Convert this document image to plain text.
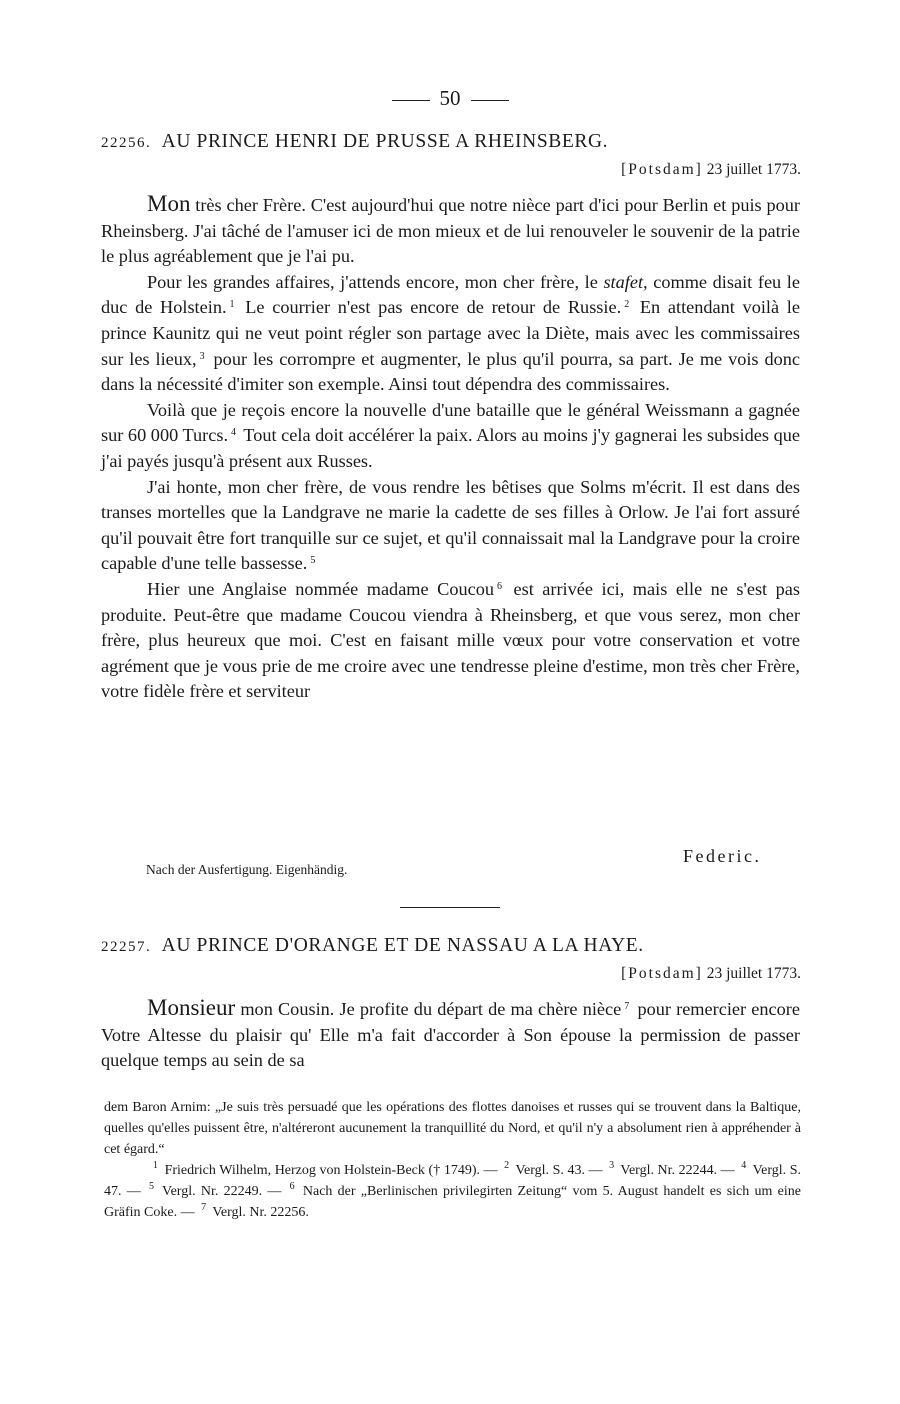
50
22256. AU PRINCE HENRI DE PRUSSE A RHEINSBERG.
[Potsdam] 23 juillet 1773.

Mon très cher Frère. C'est aujourd'hui que notre nièce part d'ici pour Berlin et puis pour Rheinsberg. J'ai tâché de l'amuser ici de mon mieux et de lui renouveler le souvenir de la patrie le plus agréablement que je l'ai pu.

Pour les grandes affaires, j'attends encore, mon cher frère, le stafet, comme disait feu le duc de Holstein. $^1$ Le courrier n'est pas encore de retour de Russie. $^2$ En attendant voilà le prince Kaunitz qui ne veut point régler son partage avec la Diète, mais avec les commissaires sur les lieux, $^3$ pour les corrompre et augmenter, le plus qu'il pourra, sa part. Je me vois donc dans la nécessité d'imiter son exemple. Ainsi tout dépendra des commissaires.

Voilà que je reçois encore la nouvelle d'une bataille que le général Weissmann a gagnée sur 60 000 Turcs. $^4$ Tout cela doit accélérer la paix. Alors au moins j'y gagnerai les subsides que j'ai payés jusqu'à présent aux Russes.

J'ai honte, mon cher frère, de vous rendre les bêtises que Solms m'écrit. Il est dans des transes mortelles que la Landgrave ne marie la cadette de ses filles à Orlow. Je l'ai fort assuré qu'il pouvait être fort tranquille sur ce sujet, et qu'il connaissait mal la Landgrave pour la croire capable d'une telle bassesse. $^5$

Hier une Anglaise nommée madame Coucou $^6$ est arrivée ici, mais elle ne s'est pas produite. Peut-être que madame Coucou viendra à Rheinsberg, et que vous serez, mon cher frère, plus heureux que moi. C'est en faisant mille vœux pour votre conservation et votre agrément que je vous prie de me croire avec une tendresse pleine d'estime, mon très cher Frère, votre fidèle frère et serviteur

Nach der Ausfertigung. Eigenhändig.
Federic.
22257. AU PRINCE D'ORANGE ET DE NASSAU A LA HAYE.
[Potsdam] 23 juillet 1773.

Monsieur mon Cousin. Je profite du départ de ma chère nièce $^7$ pour remercier encore Votre Altesse du plaisir qu' Elle m'a fait d'accorder à Son épouse la permission de passer quelque temps au sein de sa

dem Baron Arnim: „Je suis très persuadé que les opérations des flottes danoises et russes qui se trouvent dans la Baltique, quelles qu'elles puissent être, n'altéreront aucunement la tranquillité du Nord, et qu'il n'y a absolument rien à appréhender à cet égard.“

$^1$ Friedrich Wilhelm, Herzog von Holstein-Beck († 1749). — $^2$ Vergl. S. 43. — $^3$ Vergl. Nr. 22244. — $^4$ Vergl. S. 47. — $^5$ Vergl. Nr. 22249. — $^6$ Nach der „Berlinischen privilegirten Zeitung“ vom 5. August handelt es sich um eine Gräfin Coke. — $^7$ Vergl. Nr. 22256.
